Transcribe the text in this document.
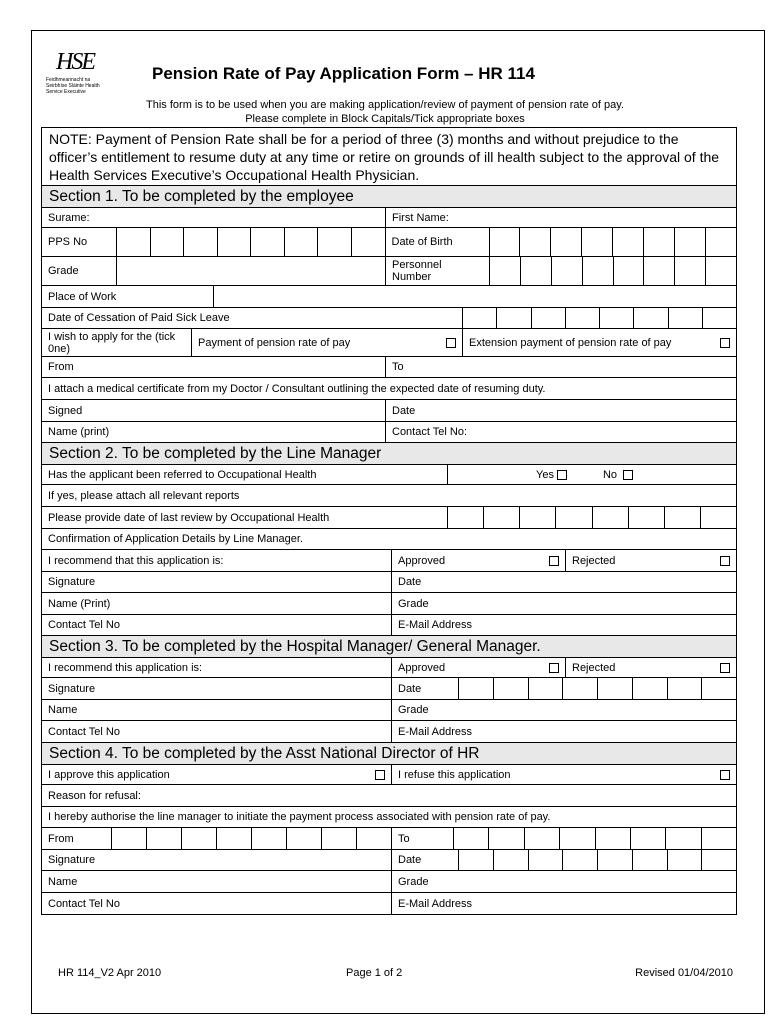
HSE
Feidhmeannacht na Seirbhíse Sláinte Health Service Executive
Pension Rate of Pay Application Form – HR 114
This form is to be used when you are making application/review of payment of pension rate of pay.
Please complete in Block Capitals/Tick appropriate boxes
NOTE: Payment of Pension Rate shall be for a period of three (3) months and without prejudice to the officer’s entitlement to resume duty at any time or retire on grounds of ill health subject to the approval of the Health Services Executive’s Occupational Health Physician.
Section 1. To be completed by the employee
Surame:	First Name:
PPS No	Date of Birth
Grade	Personnel Number
Place of Work
Date of Cessation of Paid Sick Leave
I wish to apply for the (tick 0ne)	Payment of pension rate of pay	Extension payment of pension rate of pay
From	To
I attach a medical certificate from my Doctor / Consultant outlining the expected date of resuming duty.
Signed	Date
Name (print)	Contact Tel No:
Section 2. To be completed by the Line Manager
Has the applicant been referred to Occupational Health	Yes	No
If yes, please attach all relevant reports
Please provide date of last review by Occupational Health
Confirmation of Application Details by Line Manager.
I recommend that this application is:	Approved	Rejected
Signature	Date
Name (Print)	Grade
Contact Tel No	E-Mail Address
Section 3. To be completed by the Hospital Manager/ General Manager.
I recommend this application is:	Approved	Rejected
Signature	Date
Name	Grade
Contact Tel No	E-Mail Address
Section 4. To be completed by the Asst National Director of HR
I approve this application	I refuse this application
Reason for refusal:
I hereby authorise the line manager to initiate the payment process associated with pension rate of pay.
From	To
Signature	Date
Name	Grade
Contact Tel No	E-Mail Address
HR 114_V2 Apr 2010	Page 1 of 2	Revised 01/04/2010
